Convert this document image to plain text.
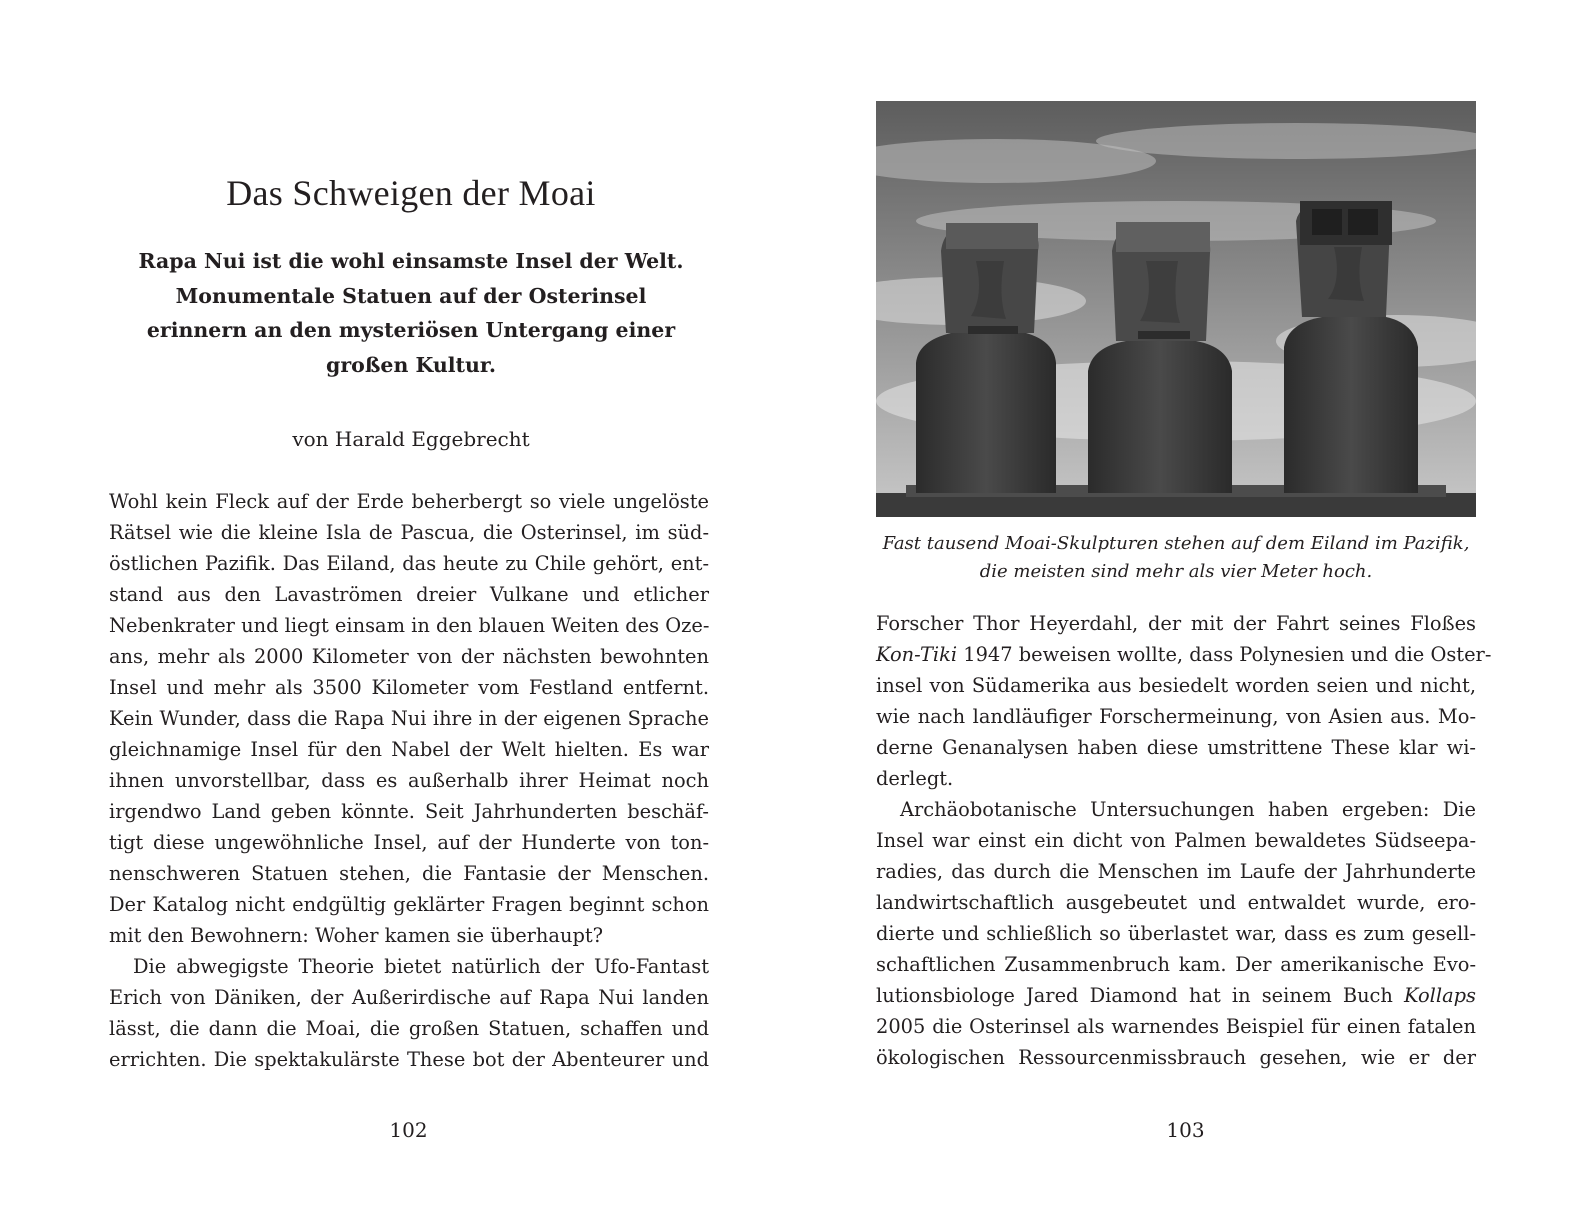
Das Schweigen der Moai
Rapa Nui ist die wohl einsamste Insel der Welt.
Monumentale Statuen auf der Osterinsel
erinnern an den mysteriösen Untergang einer
großen Kultur.

von Harald Eggebrecht

Wohl kein Fleck auf der Erde beherbergt so viele ungelöste
Rätsel wie die kleine Isla de Pascua, die Osterinsel, im süd-
östlichen Pazifik. Das Eiland, das heute zu Chile gehört, ent-
stand aus den Lavaströmen dreier Vulkane und etlicher
Nebenkrater und liegt einsam in den blauen Weiten des Oze-
ans, mehr als 2000 Kilometer von der nächsten bewohnten
Insel und mehr als 3500 Kilometer vom Festland entfernt.
Kein Wunder, dass die Rapa Nui ihre in der eigenen Sprache
gleichnamige Insel für den Nabel der Welt hielten. Es war
ihnen unvorstellbar, dass es außerhalb ihrer Heimat noch
irgendwo Land geben könnte. Seit Jahrhunderten beschäf-
tigt diese ungewöhnliche Insel, auf der Hunderte von ton-
nenschweren Statuen stehen, die Fantasie der Menschen.
Der Katalog nicht endgültig geklärter Fragen beginnt schon
mit den Bewohnern: Woher kamen sie überhaupt?
Die abwegigste Theorie bietet natürlich der Ufo-Fantast
Erich von Däniken, der Außerirdische auf Rapa Nui landen
lässt, die dann die Moai, die großen Statuen, schaffen und
errichten. Die spektakulärste These bot der Abenteurer und
102
Fast tausend Moai-Skulpturen stehen auf dem Eiland im Pazifik,
die meisten sind mehr als vier Meter hoch.
Forscher Thor Heyerdahl, der mit der Fahrt seines Floßes
Kon-Tiki 1947 beweisen wollte, dass Polynesien und die Oster-
insel von Südamerika aus besiedelt worden seien und nicht,
wie nach landläufiger Forschermeinung, von Asien aus. Mo-
derne Genanalysen haben diese umstrittene These klar wi-
derlegt.
Archäobotanische Untersuchungen haben ergeben: Die
Insel war einst ein dicht von Palmen bewaldetes Südseepa-
radies, das durch die Menschen im Laufe der Jahrhunderte
landwirtschaftlich ausgebeutet und entwaldet wurde, ero-
dierte und schließlich so überlastet war, dass es zum gesell-
schaftlichen Zusammenbruch kam. Der amerikanische Evo-
lutionsbiologe Jared Diamond hat in seinem Buch Kollaps
2005 die Osterinsel als warnendes Beispiel für einen fatalen
ökologischen Ressourcenmissbrauch gesehen, wie er der
103
